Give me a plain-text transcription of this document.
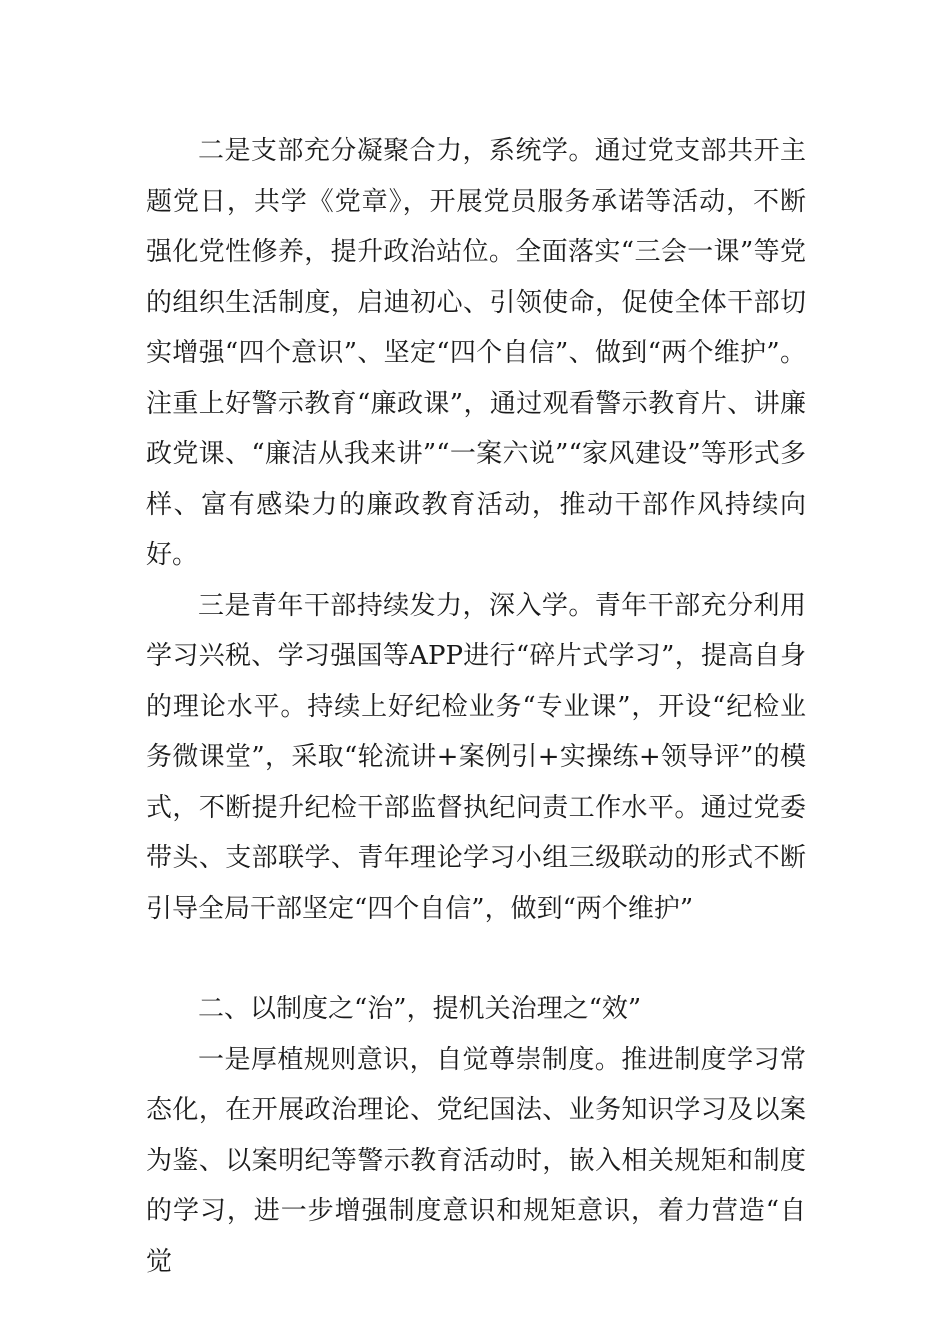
二是支部充分凝聚合力，系统学。通过党支部共开主题党日，共学《党章》，开展党员服务承诺等活动，不断强化党性修养，提升政治站位。全面落实“三会一课”等党的组织生活制度，启迪初心、引领使命，促使全体干部切实增强“四个意识”、坚定“四个自信”、做到“两个维护”。注重上好警示教育“廉政课”，通过观看警示教育片、讲廉政党课、“廉洁从我来讲”“一案六说”“家风建设”等形式多样、富有感染力的廉政教育活动，推动干部作风持续向好。

三是青年干部持续发力，深入学。青年干部充分利用学习兴税、学习强国等APP进行“碎片式学习”，提高自身的理论水平。持续上好纪检业务“专业课”，开设“纪检业务微课堂”，采取“轮流讲+案例引+实操练+领导评”的模式，不断提升纪检干部监督执纪问责工作水平。通过党委带头、支部联学、青年理论学习小组三级联动的形式不断引导全局干部坚定“四个自信”，做到“两个维护”

二、以制度之“治”，提机关治理之“效”

一是厚植规则意识，自觉尊崇制度。推进制度学习常态化，在开展政治理论、党纪国法、业务知识学习及以案为鉴、以案明纪等警示教育活动时，嵌入相关规矩和制度的学习，进一步增强制度意识和规矩意识，着力营造“自觉
